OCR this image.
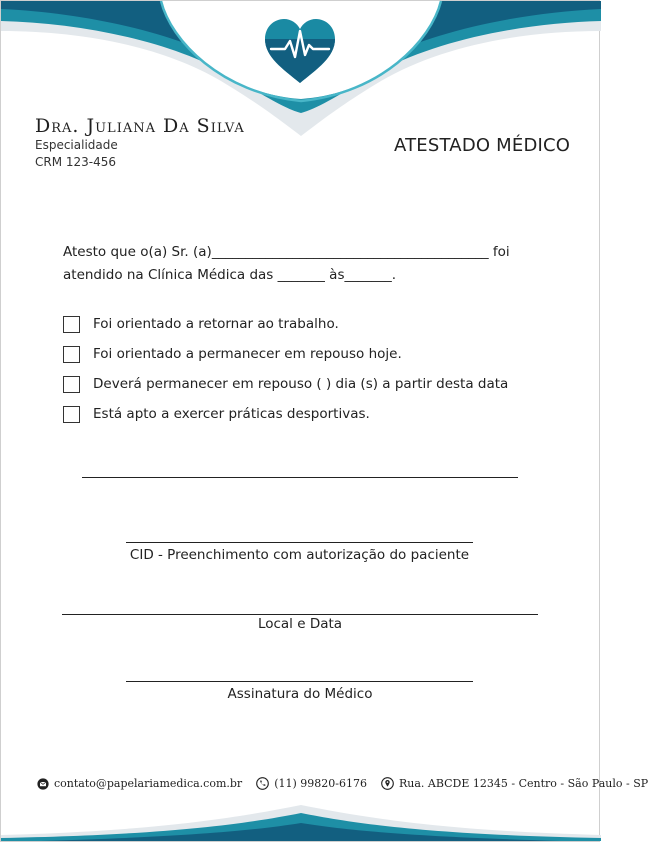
Dra. Juliana Da Silva
Especialidade
CRM 123-456
ATESTADO MÉDICO
Atesto que o(a) Sr. (a)_________________________________________ foi
atendido na Clínica Médica das _______ às_______.
Foi orientado a retornar ao trabalho.
Foi orientado a permanecer em repouso hoje.
Deverá permanecer em repouso ( ) dia (s) a partir desta data
Está apto a exercer práticas desportivas.
CID - Preenchimento com autorização do paciente
Local e Data
Assinatura do Médico
contato@papelariamedica.com.br	(11) 99820-6176	Rua. ABCDE 12345 - Centro - São Paulo - SP
